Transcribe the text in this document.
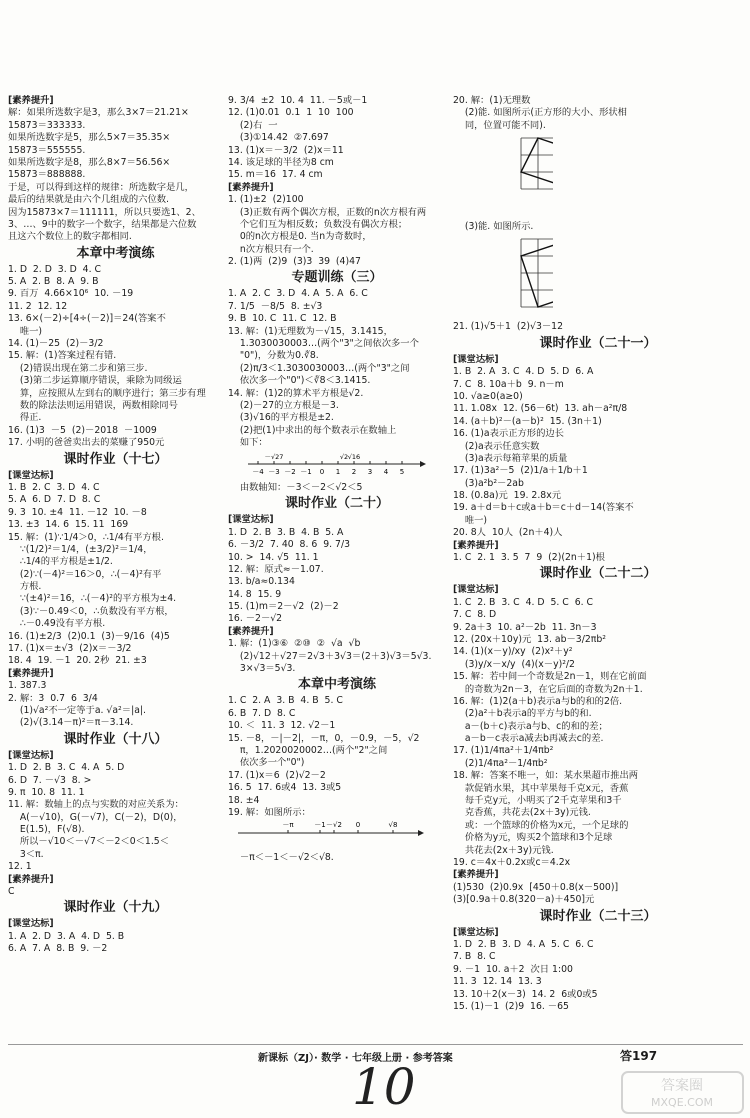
[素养提升]
解：如果所选数字是3，那么3×7＝21.21×
15873＝333333.
如果所选数字是5，那么5×7＝35.35×
15873＝555555.
如果所选数字是8，那么8×7＝56.56×
15873＝888888.
于是，可以得到这样的规律：所选数字是几，
最后的结果就是由六个几组成的六位数.
因为15873×7＝111111，所以只要选1、2、
3、…、9中的数字一个数字，结果都是六位数
且这六个数位上的数字都相同.
本章中考演练
1. D  2. D  3. D  4. C
5. A  2. B  8. A  9. B
9. 百万  4.66×10⁶  10. －19
11. 2  12. 12
13. 6×(－2)÷[4÷(－2)]＝24(答案不
唯一)
14. (1)－25  (2)－3/2
15. 解：(1)答案过程有错.
(2)错误出现在第二步和第三步.
(3)第二步运算顺序错误，乘除为同级运
算，应按照从左到右的顺序进行；第三步有理
数的除法法则运用错误，两数相除同号
得正.
16. (1)3  －5  (2)－2018  －1009
17. 小明的爸爸卖出去的菜赚了950元
课时作业（十七）
[课堂达标]
1. B  2. C  3. D  4. C
5. A  6. D  7. D  8. C
9. 3  10. ±4  11. －12  10. －8
13. ±3  14. 6  15. 11  169
15. 解：(1)∵1/4＞0，∴1/4有平方根.
∵(1/2)²＝1/4，(±3/2)²＝1/4，
∴1/4的平方根是±1/2.
(2)∵(－4)²＝16＞0，∴(－4)²有平
方根.
∵(±4)²＝16，∴(－4)²的平方根为±4.
(3)∵－0.49＜0，∴负数没有平方根，
∴－0.49没有平方根.
16. (1)±2/3  (2)0.1  (3)－9/16  (4)5
17. (1)x＝±√3  (2)x＝－3/2
18. 4  19. －1  20. 2秒  21. ±3
[素养提升]
1. 387.3
2. 解：3  0.7  6  3/4
(1)√a²不一定等于a. √a²＝|a|.
(2)√(3.14－π)²＝π－3.14.
课时作业（十八）
[课堂达标]
1. D  2. B  3. C  4. A  5. D
6. D  7. －√3  8. >
9. π  10. 8  11. 1
11. 解：数轴上的点与实数的对应关系为：
A(－√10)，G(－√7)，C(－2)，D(0)，
E(1.5)，F(√8).
所以－√10＜－√7＜－2＜0＜1.5＜
3＜π.
12. 1
[素养提升]
C
课时作业（十九）
[课堂达标]
1. A  2. D  3. A  4. D  5. B
6. A  7. A  8. B  9. －2
9. 3/4  ±2  10. 4  11. －5或－1
12. (1)0.01  0.1  1  10  100
(2)右  一
(3)①14.42  ②7.697
13. (1)x＝－3/2  (2)x＝11
14. 该足球的半径为8 cm
15. m＝16  17. 4 cm
[素养提升]
1. (1)±2  (2)100
(3)正数有两个偶次方根，正数的n次方根有两
个它们互为相反数；负数没有偶次方根；
0的n次方根是0. 当n为奇数时，
n次方根只有一个.
2. (1)两  (2)9  (3)3  39  (4)47
专题训练（三）
1. A  2. C  3. D  4. A  5. A  6. C
7. 1/5  －8/5  8. ±√3
9. B  10. C  11. C  12. B
13. 解：(1)无理数为－√15，3.1415，
1.3030030003…(两个"3"之间依次多一个
"0")，分数为0.∛8.
(2)π/3＜1.3030030003…(两个"3"之间
依次多一个"0")＜∛8＜3.1415.
14. 解：(1)2的算术平方根是√2.
(2)－27的立方根是－3.
(3)√16的平方根是±2.
(2)把(1)中求出的每个数表示在数轴上
如下：
－4 －3 －2 －1 0 1 2 3 4 5
－√27	√2 √16
由数轴知：－3＜－2＜√2＜5
课时作业（二十）
[课堂达标]
1. D  2. B  3. B  4. B  5. A
6. －3/2  7. 40  8. 6  9. 7/3
10. >  14. √5  11. 1
12. 解：原式≈－1.07.
13. b/a≈0.134
14. 8  15. 9
15. (1)m＝2－√2  (2)－2
16. －2－√2
[素养提升]
1. 解：(1)③⑥  ②⑩  ②  √a  √b
(2)√12＋√27＝2√3＋3√3＝(2＋3)√3＝5√3.
3×√3＝5√3.
本章中考演练
1. C  2. A  3. B  4. B  5. C
6. B  7. D  8. C
10. ＜  11. 3  12. √2－1
15. －8，－|－2|，－π，0，－0.9，－5，√2
π，1.2020020002…(两个"2"之间
依次多一个"0")
17. (1)x＝6  (2)√2－2
16. 5  17. 6或4  13. 3或5
18. ±4
19. 解：如图所示：
－π	－1 －√2 0	√8
－π＜－1＜－√2＜√8.
20. 解：(1)无理数
(2)能. 如图所示(正方形的大小、形状相
同，位置可能不同).
(3)能. 如图所示.
21. (1)√5＋1  (2)√3－12
课时作业（二十一）
[课堂达标]
1. B  2. A  3. C  4. D  5. D  6. A
7. C  8. 10a＋b  9. n－m
10. √a≥0(a≥0)
11. 1.08x  12. (56－6t)  13. ah－a²π/8
14. (a＋b)²－(a－b)²  15. (3n＋1)
16. (1)a表示正方形的边长
(2)a表示任意实数
(3)a表示每箱苹果的质量
17. (1)3a²－5  (2)1/a＋1/b＋1
(3)a²b²－2ab
18. (0.8a)元  19. 2.8x元
19. a＋d＝b＋c或a＋b＝c＋d－14(答案不
唯一)
20. 8人  10人  (2n＋4)人
[素养提升]
1. C  2. 1  3. 5  7  9  (2)(2n＋1)根
课时作业（二十二）
[课堂达标]
1. C  2. B  3. C  4. D  5. C  6. C
7. C  8. D
9. 2a＋3  10. a²－2b  11. 3n－3
12. (20x＋10y)元  13. ab－3/2πb²
14. (1)(x－y)/xy  (2)x²＋y²
(3)y/x－x/y  (4)(x－y)²/2
15. 解：若中间一个奇数是2n－1，则在它前面
的奇数为2n－3，在它后面的奇数为2n＋1.
16. 解：(1)2(a＋b)表示a与b的和的2倍.
(2)a²＋b表示a的平方与b的和.
a－(b＋c)表示a与b、c的和的差；
a－b－c表示a减去b再减去c的差.
17. (1)1/4πa²＋1/4πb²
(2)1/4πa²－1/4πb²
18. 解：答案不唯一，如：某水果超市推出两
款促销水果，其中苹果每千克x元，香蕉
每千克y元，小明买了2千克苹果和3千
克香蕉，共花去(2x＋3y)元钱.
或：一个篮球的价格为x元，一个足球的
价格为y元，购买2个篮球和3个足球
共花去(2x＋3y)元钱.
19. c＝4x＋0.2x或c＝4.2x
[素养提升]
(1)530  (2)0.9x  [450＋0.8(x－500)]
(3)[0.9a＋0.8(320－a)＋450]元
课时作业（二十三）
[课堂达标]
1. D  2. B  3. D  4. A  5. C  6. C
7. B  8. C
9. －1  10. a＋2  次日 1:00
11. 3  12. 14  13. 3
13. 10＋2(x－3)  14. 2  6或0或5
15. (1)－1  (2)9  16. －65
新课标（ZJ）· 数学 · 七年级上册 · 参考答案	答197
10	答案圈
MXQE.COM
